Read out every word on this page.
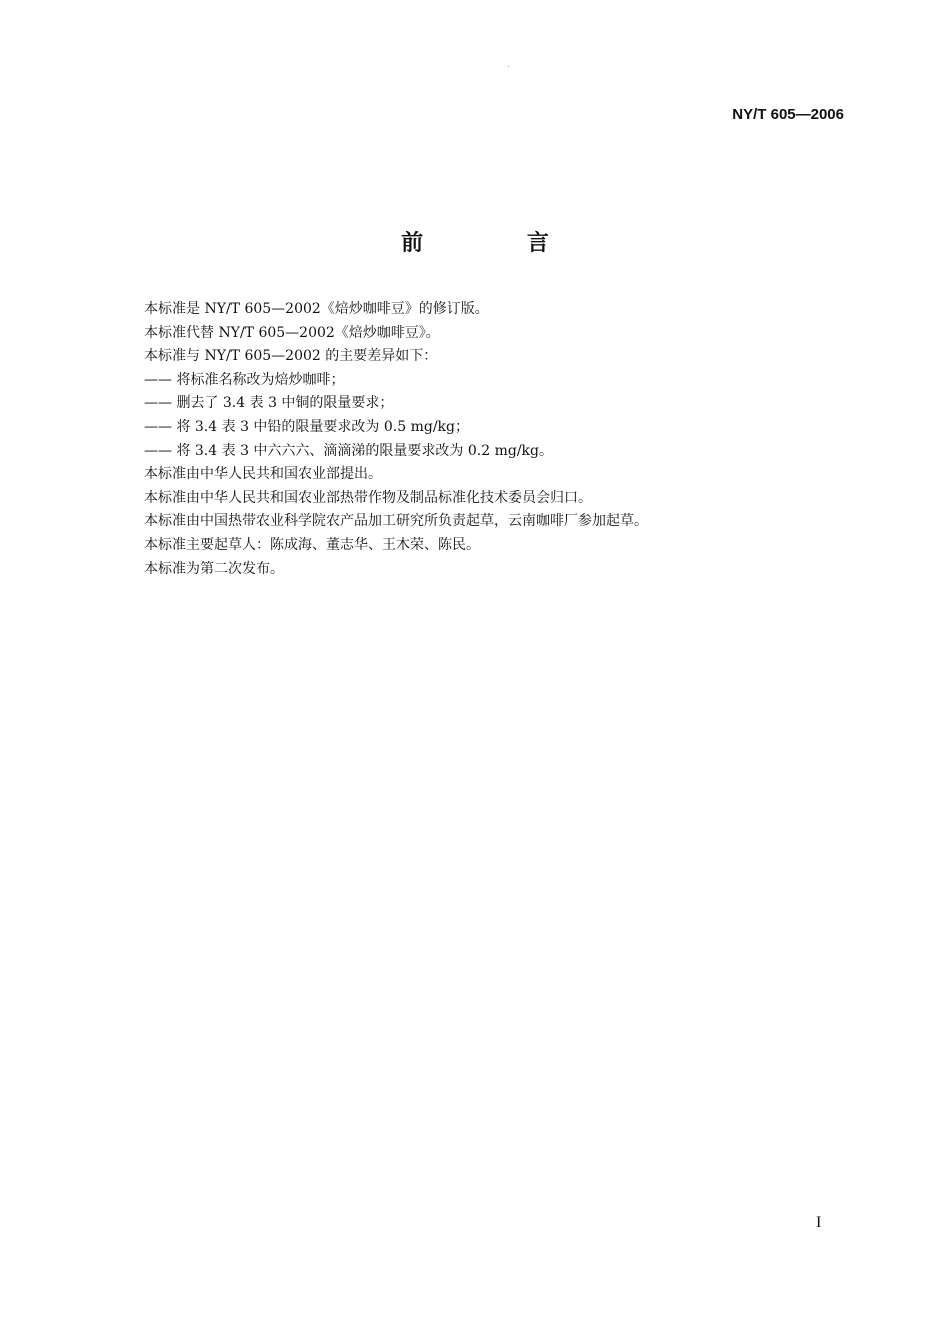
NY/T 605—2006
前 言
本标准是 NY/T 605—2002《焙炒咖啡豆》的修订版。
本标准代替 NY/T 605—2002《焙炒咖啡豆》。
本标准与 NY/T 605—2002 的主要差异如下：
—— 将标准名称改为焙炒咖啡；
—— 删去了 3.4 表 3 中铜的限量要求；
—— 将 3.4 表 3 中铅的限量要求改为 0.5 mg/kg；
—— 将 3.4 表 3 中六六六、滴滴涕的限量要求改为 0.2 mg/kg。
本标准由中华人民共和国农业部提出。
本标准由中华人民共和国农业部热带作物及制品标准化技术委员会归口。
本标准由中国热带农业科学院农产品加工研究所负责起草，云南咖啡厂参加起草。
本标准主要起草人：陈成海、董志华、王木荣、陈民。
本标准为第二次发布。
I
